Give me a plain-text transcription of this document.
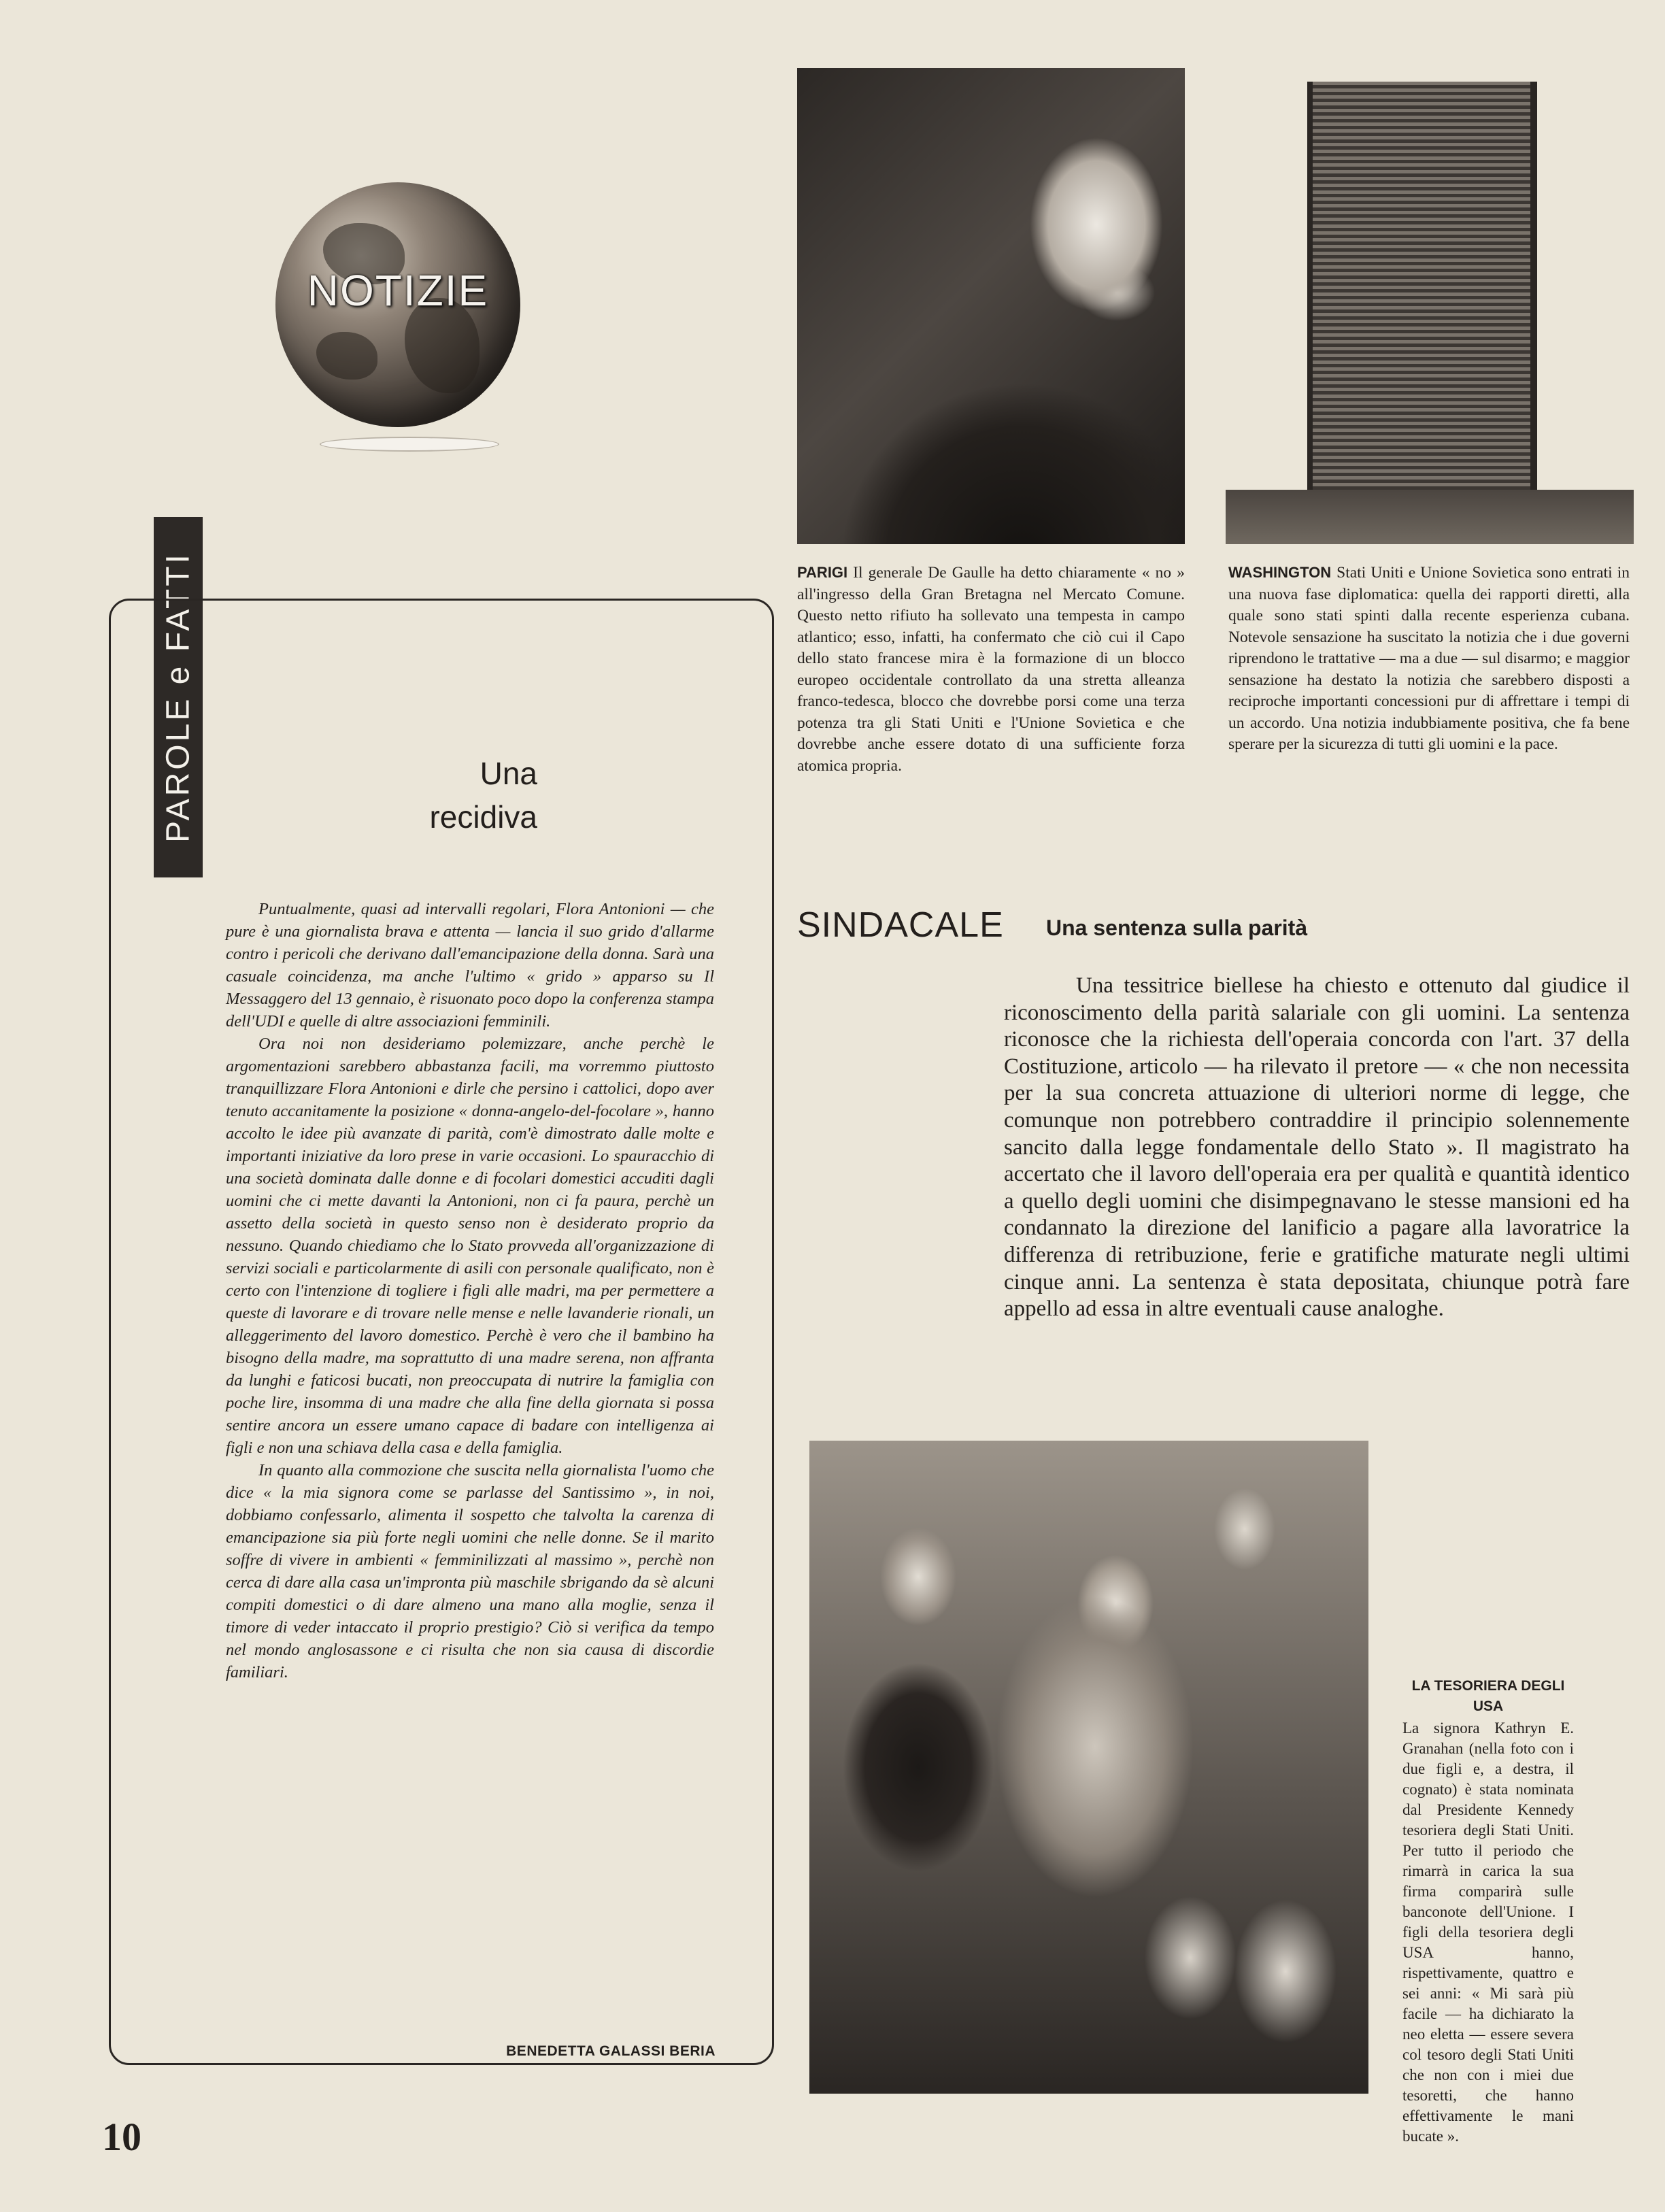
NOTIZIE
PAROLE e FATTI	Una recidiva

Puntualmente, quasi ad intervalli regolari, Flora Antonioni — che pure è una giornalista brava e attenta — lancia il suo grido d'allarme contro i pericoli che derivano dall'emancipazione della donna. Sarà una casuale coincidenza, ma anche l'ultimo « grido » apparso su Il Messaggero del 13 gennaio, è risuonato poco dopo la conferenza stampa dell'UDI e quelle di altre associazioni femminili.

Ora noi non desideriamo polemizzare, anche perchè le argomentazioni sarebbero abbastanza facili, ma vorremmo piuttosto tranquillizzare Flora Antonioni e dirle che persino i cattolici, dopo aver tenuto accanitamente la posizione « donna-angelo-del-focolare », hanno accolto le idee più avanzate di parità, com'è dimostrato dalle molte e importanti iniziative da loro prese in varie occasioni. Lo spauracchio di una società dominata dalle donne e di focolari domestici accuditi dagli uomini che ci mette davanti la Antonioni, non ci fa paura, perchè un assetto della società in questo senso non è desiderato proprio da nessuno. Quando chiediamo che lo Stato provveda all'organizzazione di servizi sociali e particolarmente di asili con personale qualificato, non è certo con l'intenzione di togliere i figli alle madri, ma per permettere a queste di lavorare e di trovare nelle mense e nelle lavanderie rionali, un alleggerimento del lavoro domestico. Perchè è vero che il bambino ha bisogno della madre, ma soprattutto di una madre serena, non affranta da lunghi e faticosi bucati, non preoccupata di nutrire la famiglia con poche lire, insomma di una madre che alla fine della giornata si possa sentire ancora un essere umano capace di badare con intelligenza ai figli e non una schiava della casa e della famiglia.

In quanto alla commozione che suscita nella giornalista l'uomo che dice « la mia signora come se parlasse del Santissimo », in noi, dobbiamo confessarlo, alimenta il sospetto che talvolta la carenza di emancipazione sia più forte negli uomini che nelle donne. Se il marito soffre di vivere in ambienti « femminilizzati al massimo », perchè non cerca di dare alla casa un'impronta più maschile sbrigando da sè alcuni compiti domestici o di dare almeno una mano alla moglie, senza il timore di veder intaccato il proprio prestigio? Ciò si verifica da tempo nel mondo anglosassone e ci risulta che non sia causa di discordie familiari.

BENEDETTA GALASSI BERIA
10
PARIGI Il generale De Gaulle ha detto chiaramente « no » all'ingresso della Gran Bretagna nel Mercato Comune. Questo netto rifiuto ha sollevato una tempesta in campo atlantico; esso, infatti, ha confermato che ciò cui il Capo dello stato francese mira è la formazione di un blocco europeo occidentale controllato da una stretta alleanza franco-tedesca, blocco che dovrebbe porsi come una terza potenza tra gli Stati Uniti e l'Unione Sovietica e che dovrebbe anche essere dotato di una sufficiente forza atomica propria.
WASHINGTON Stati Uniti e Unione Sovietica sono entrati in una nuova fase diplomatica: quella dei rapporti diretti, alla quale sono stati spinti dalla recente esperienza cubana. Notevole sensazione ha suscitato la notizia che i due governi riprendono le trattative — ma a due — sul disarmo; e maggior sensazione ha destato la notizia che sarebbero disposti a reciproche importanti concessioni pur di affrettare i tempi di un accordo. Una notizia indubbiamente positiva, che fa bene sperare per la sicurezza di tutti gli uomini e la pace.
SINDACALE Una sentenza sulla parità

Una tessitrice biellese ha chiesto e ottenuto dal giudice il riconoscimento della parità salariale con gli uomini. La sentenza riconosce che la richiesta dell'operaia concorda con l'art. 37 della Costituzione, articolo — ha rilevato il pretore — « che non necessita per la sua concreta attuazione di ulteriori norme di legge, che comunque non potrebbero contraddire il principio solennemente sancito dalla legge fondamentale dello Stato ». Il magistrato ha accertato che il lavoro dell'operaia era per qualità e quantità identico a quello degli uomini che disimpegnavano le stesse mansioni ed ha condannato la direzione del lanificio a pagare alla lavoratrice la differenza di retribuzione, ferie e gratifiche maturate negli ultimi cinque anni. La sentenza è stata depositata, chiunque potrà fare appello ad essa in altre eventuali cause analoghe.

LA TESORIERA DEGLI USA
La signora Kathryn E. Granahan (nella foto con i due figli e, a destra, il cognato) è stata nominata dal Presidente Kennedy tesoriera degli Stati Uniti. Per tutto il periodo che rimarrà in carica la sua firma comparirà sulle banconote dell'Unione. I figli della tesoriera degli USA hanno, rispettivamente, quattro e sei anni: « Mi sarà più facile — ha dichiarato la neo eletta — essere severa col tesoro degli Stati Uniti che non con i miei due tesoretti, che hanno effettivamente le mani bucate ».
